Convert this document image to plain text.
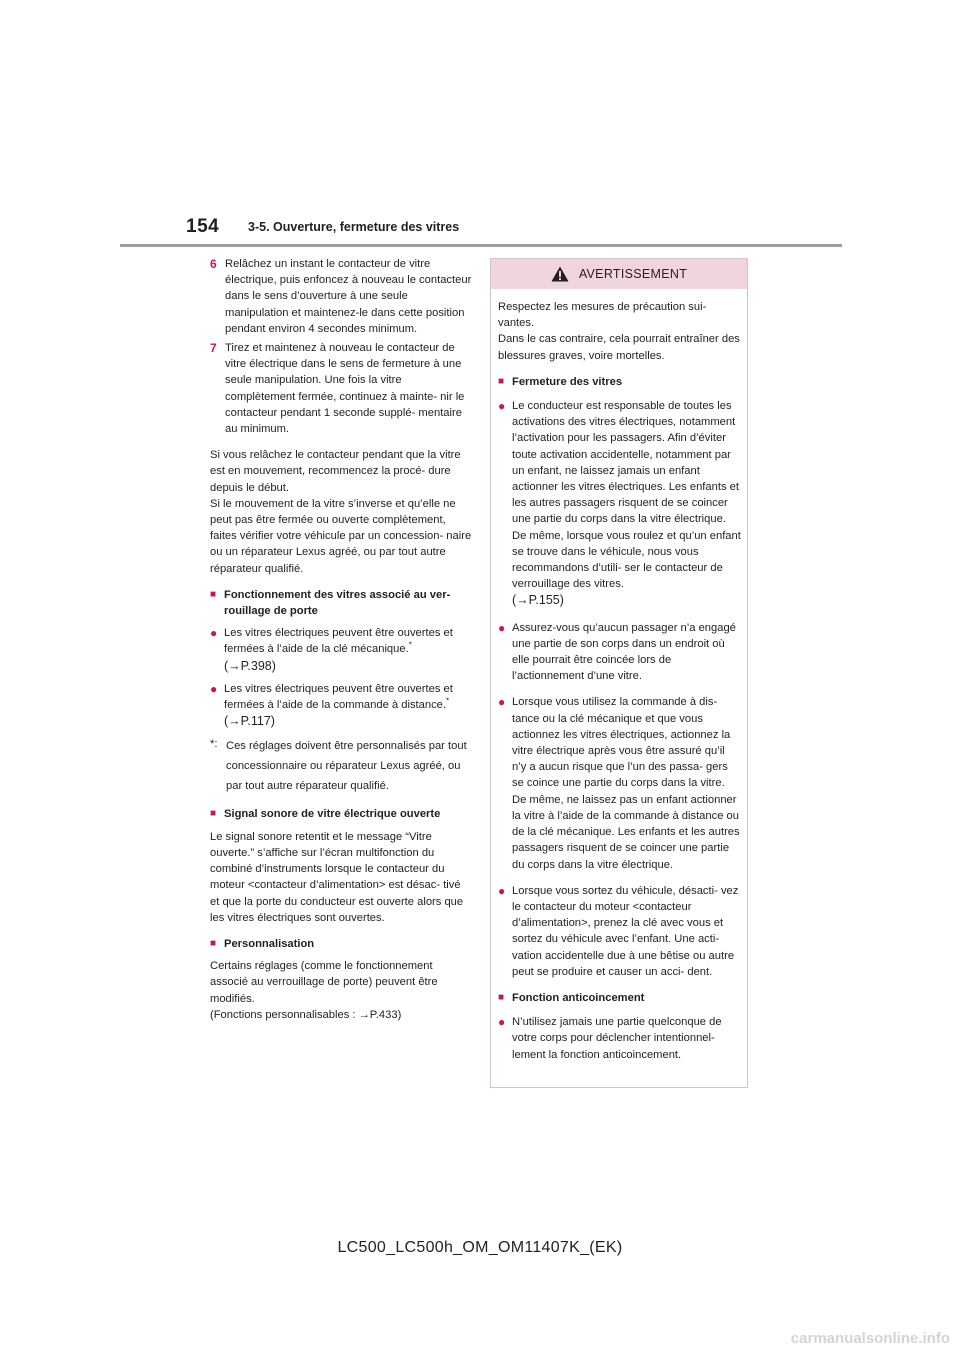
154 3-5. Ouverture, fermeture des vitres
6 Relâchez un instant le contacteur de vitre électrique, puis enfoncez à nouveau le contacteur dans le sens d’ouverture à une seule manipulation et maintenez-le dans cette position pendant environ 4 secondes minimum.
7 Tirez et maintenez à nouveau le contacteur de vitre électrique dans le sens de fermeture à une seule manipulation. Une fois la vitre complètement fermée, continuez à mainte- nir le contacteur pendant 1 seconde supplé- mentaire au minimum.

Si vous relâchez le contacteur pendant que la vitre est en mouvement, recommencez la procé- dure depuis le début.
Si le mouvement de la vitre s’inverse et qu’elle ne peut pas être fermée ou ouverte complètement, faites vérifier votre véhicule par un concession- naire ou un réparateur Lexus agréé, ou par tout autre réparateur qualifié.

■ Fonctionnement des vitres associé au ver- rouillage de porte
● Les vitres électriques peuvent être ouvertes et fermées à l’aide de la clé mécanique.*
(→P.398)
● Les vitres électriques peuvent être ouvertes et fermées à l’aide de la commande à distance.*
(→P.117)
*: Ces réglages doivent être personnalisés par tout concessionnaire ou réparateur Lexus agréé, ou par tout autre réparateur qualifié.
■ Signal sonore de vitre électrique ouverte

Le signal sonore retentit et le message “Vitre ouverte.” s’affiche sur l’écran multifonction du combiné d’instruments lorsque le contacteur du moteur <contacteur d’alimentation> est désac- tivé et que la porte du conducteur est ouverte alors que les vitres électriques sont ouvertes.

■ Personnalisation

Certains réglages (comme le fonctionnement associé au verrouillage de porte) peuvent être modifiés.
(Fonctions personnalisables : →P.433)

AVERTISSEMENT

Respectez les mesures de précaution sui- vantes.
Dans le cas contraire, cela pourrait entraîner des blessures graves, voire mortelles.

■ Fermeture des vitres
● Le conducteur est responsable de toutes les activations des vitres électriques, notamment l’activation pour les passagers. Afin d’éviter toute activation accidentelle, notamment par un enfant, ne laissez jamais un enfant actionner les vitres électriques. Les enfants et les autres passagers risquent de se coincer une partie du corps dans la vitre électrique. De même, lorsque vous roulez et qu’un enfant se trouve dans le véhicule, nous vous recommandons d’utili- ser le contacteur de verrouillage des vitres.
(→P.155)
● Assurez-vous qu’aucun passager n’a engagé une partie de son corps dans un endroit où elle pourrait être coincée lors de l’actionnement d’une vitre.
● Lorsque vous utilisez la commande à dis- tance ou la clé mécanique et que vous actionnez les vitres électriques, actionnez la vitre électrique après vous être assuré qu’il n’y a aucun risque que l’un des passa- gers se coince une partie du corps dans la vitre. De même, ne laissez pas un enfant actionner la vitre à l’aide de la commande à distance ou de la clé mécanique. Les enfants et les autres passagers risquent de se coincer une partie du corps dans la vitre électrique.
● Lorsque vous sortez du véhicule, désacti- vez le contacteur du moteur <contacteur d’alimentation>, prenez la clé avec vous et sortez du véhicule avec l’enfant. Une acti- vation accidentelle due à une bêtise ou autre peut se produire et causer un acci- dent.
■ Fonction anticoincement
● N’utilisez jamais une partie quelconque de votre corps pour déclencher intentionnel- lement la fonction anticoincement.
LC500_LC500h_OM_OM11407K_(EK)
carmanualsonline.info
